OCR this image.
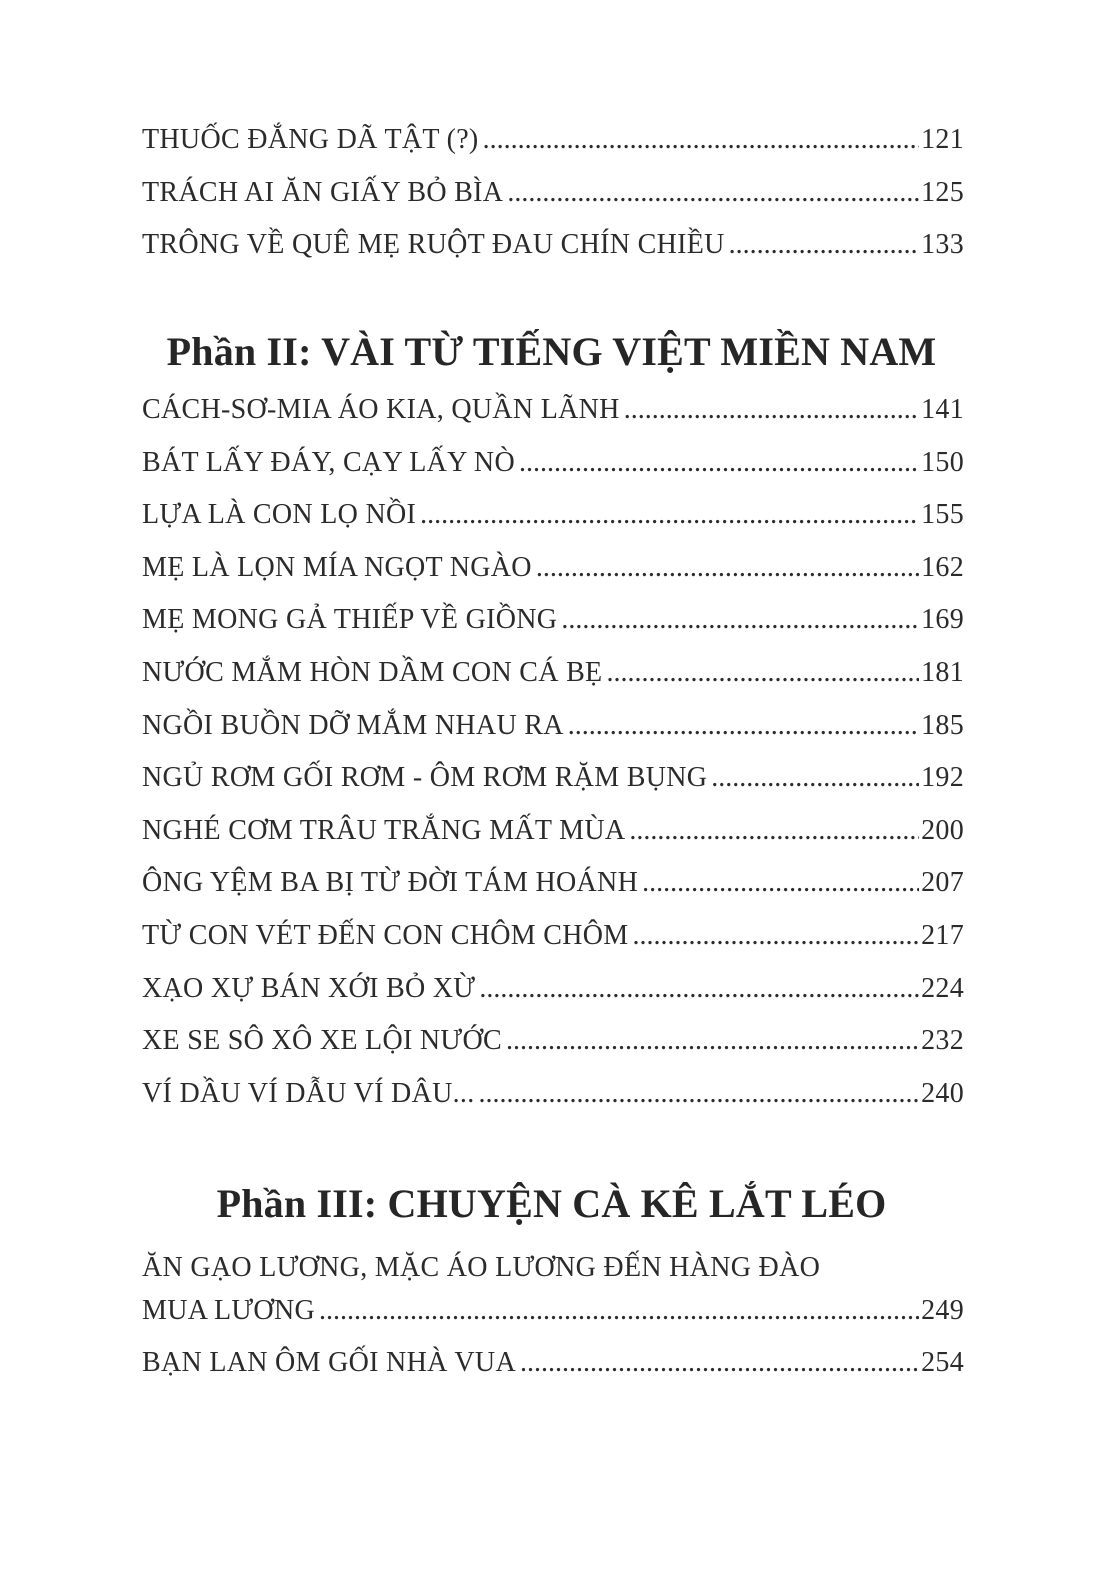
THUỐC ĐẮNG DÃ TẬT (?) .....	121
TRÁCH AI ĂN GIẤY BỎ BÌA .....	125
TRÔNG VỀ QUÊ MẸ RUỘT ĐAU CHÍN CHIỀU .....	133
Phần II: VÀI TỪ TIẾNG VIỆT MIỀN NAM
CÁCH-SƠ-MIA ÁO KIA, QUẦN LÃNH .....	141
BÁT LẤY ĐÁY, CẠY LẤY NÒ .....	150
LỰA LÀ CON LỌ NỒI .....	155
MẸ LÀ LỌN MÍA NGỌT NGÀO .....	162
MẸ MONG GẢ THIẾP VỀ GIỒNG .....	169
NƯỚC MẮM HÒN DẦM CON CÁ BẸ .....	181
NGỒI BUỒN DỠ MẮM NHAU RA .....	185
NGỦ RƠM GỐI RƠM - ÔM RƠM RẶM BỤNG .....	192
NGHÉ CƠM TRÂU TRẮNG MẤT MÙA .....	200
ÔNG YỆM BA BỊ TỪ ĐỜI TÁM HOÁNH .....	207
TỪ CON VÉT ĐẾN CON CHÔM CHÔM .....	217
XẠO XỰ BÁN XỚI BỎ XỪ .....	224
XE SE SÔ XÔ XE LỘI NƯỚC .....	232
VÍ DẦU VÍ DẪU VÍ DÂU... .....	240
Phần III: CHUYỆN CÀ KÊ LẮT LÉO
ĂN GẠO LƯƠNG, MẶC ÁO LƯƠNG ĐẾN HÀNG ĐÀO
MUA LƯƠNG .....	249
BẠN LAN ÔM GỐI NHÀ VUA .....	254
